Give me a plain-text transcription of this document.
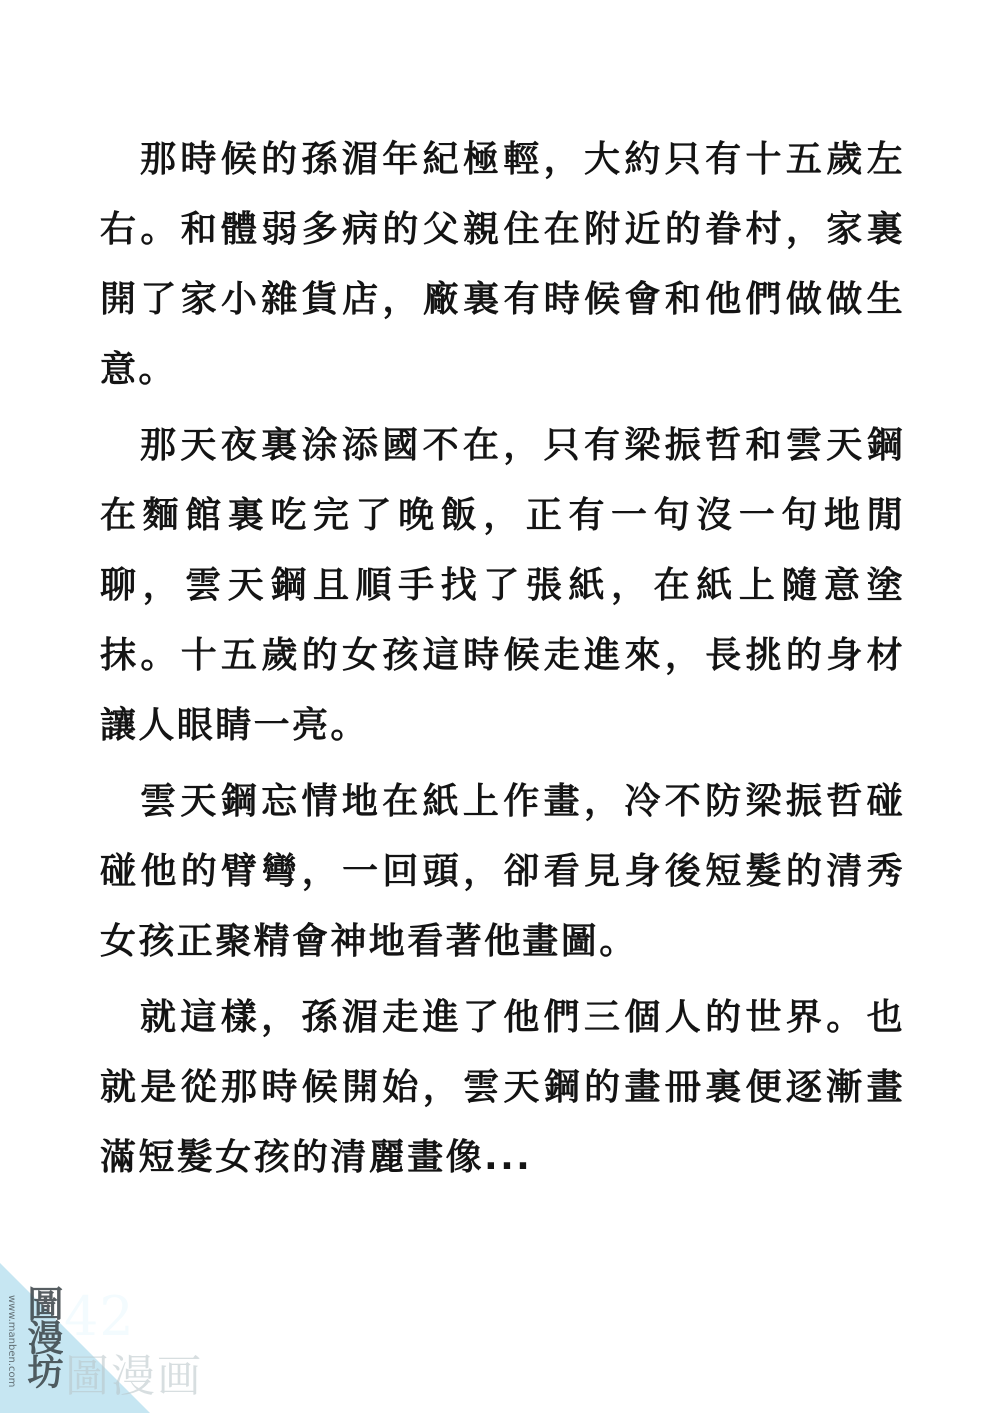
那時候的孫湄年紀極輕，大約只有十五歲左右。和體弱多病的父親住在附近的眷村，家裏開了家小雜貨店，廠裏有時候會和他們做做生意。

那天夜裏涂添國不在，只有梁振哲和雲天鋼在麵館裏吃完了晚飯，正有一句沒一句地閒聊，雲天鋼且順手找了張紙，在紙上隨意塗抹。十五歲的女孩這時候走進來，長挑的身材讓人眼睛一亮。

雲天鋼忘情地在紙上作畫，冷不防梁振哲碰碰他的臂彎，一回頭，卻看見身後短髮的清秀女孩正聚精會神地看著他畫圖。

就這樣，孫湄走進了他們三個人的世界。也就是從那時候開始，雲天鋼的畫冊裏便逐漸畫滿短髮女孩的清麗畫像...

www.manben.com 圖漫坊 42
圖漫画
